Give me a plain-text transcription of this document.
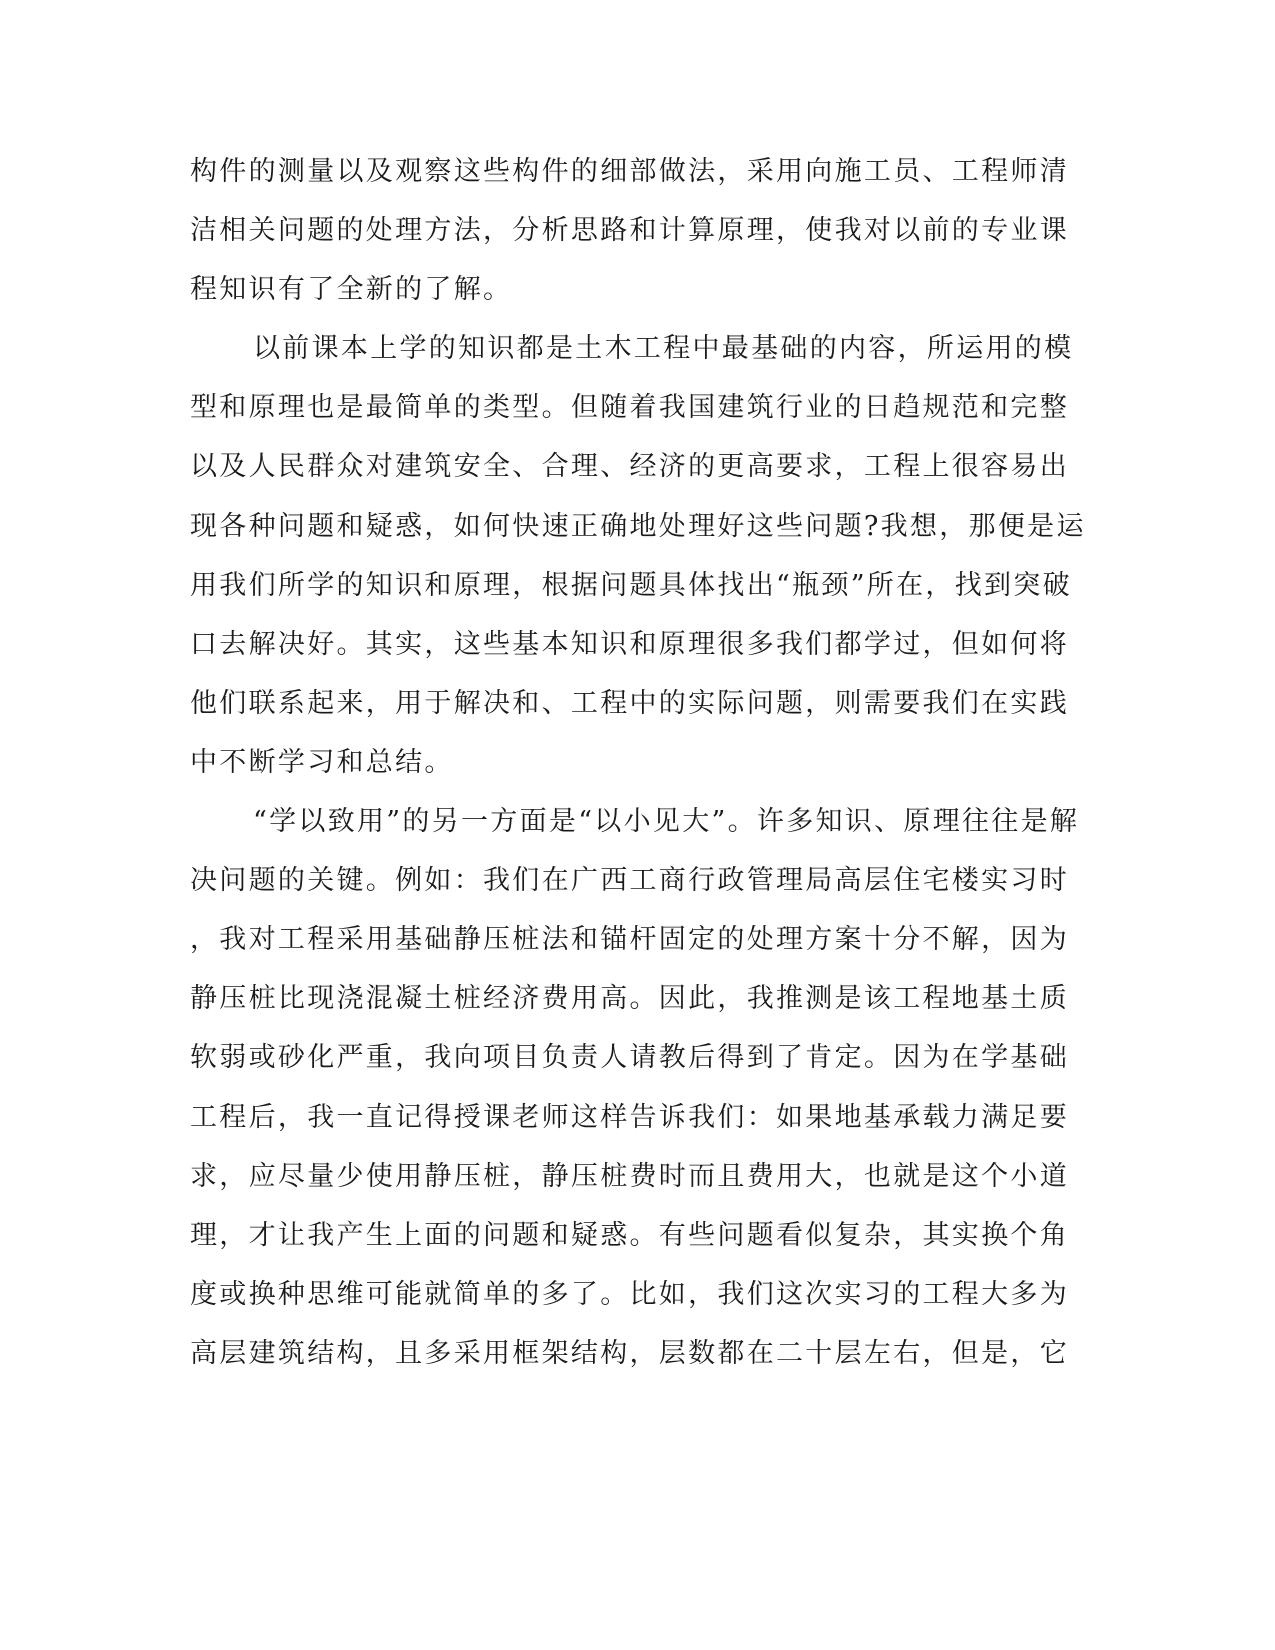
构件的测量以及观察这些构件的细部做法，采用向施工员、工程师清
洁相关问题的处理方法，分析思路和计算原理，使我对以前的专业课
程知识有了全新的了解。
以前课本上学的知识都是土木工程中最基础的内容，所运用的模
型和原理也是最简单的类型。但随着我国建筑行业的日趋规范和完整
以及人民群众对建筑安全、合理、经济的更高要求，工程上很容易出
现各种问题和疑惑，如何快速正确地处理好这些问题?我想，那便是运
用我们所学的知识和原理，根据问题具体找出“瓶颈”所在，找到突破
口去解决好。其实，这些基本知识和原理很多我们都学过，但如何将
他们联系起来，用于解决和、工程中的实际问题，则需要我们在实践
中不断学习和总结。
“学以致用”的另一方面是“以小见大”。许多知识、原理往往是解
决问题的关键。例如：我们在广西工商行政管理局高层住宅楼实习时
，我对工程采用基础静压桩法和锚杆固定的处理方案十分不解，因为
静压桩比现浇混凝土桩经济费用高。因此，我推测是该工程地基土质
软弱或砂化严重，我向项目负责人请教后得到了肯定。因为在学基础
工程后，我一直记得授课老师这样告诉我们：如果地基承载力满足要
求，应尽量少使用静压桩，静压桩费时而且费用大，也就是这个小道
理，才让我产生上面的问题和疑惑。有些问题看似复杂，其实换个角
度或换种思维可能就简单的多了。比如，我们这次实习的工程大多为
高层建筑结构，且多采用框架结构，层数都在二十层左右，但是，它
